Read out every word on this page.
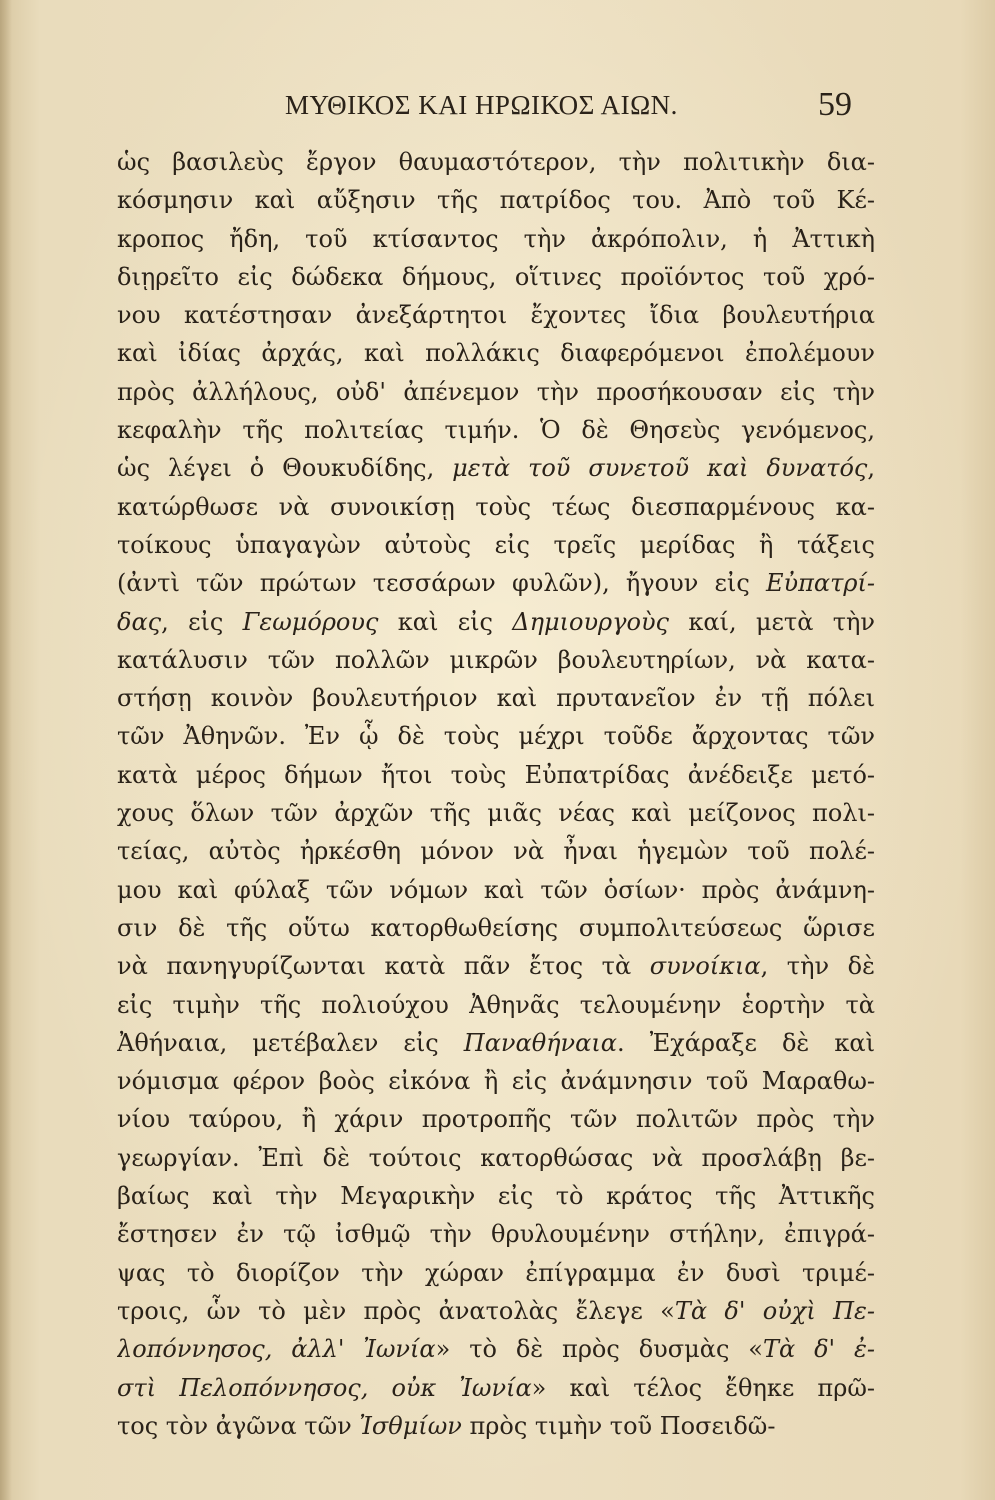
ΜΥΘΙΚΟΣ ΚΑΙ ΗΡΩΙΚΟΣ ΑΙΩΝ.	59
ὡς βασιλεὺς ἔργον θαυμαστότερον, τὴν πολιτικὴν δια-
κόσμησιν καὶ αὔξησιν τῆς πατρίδος του. Ἀπὸ τοῦ Κέ-
κροπος ἤδη, τοῦ κτίσαντος τὴν ἀκρόπολιν, ἡ Ἀττικὴ
διῃρεῖτο εἰς δώδεκα δήμους, οἵτινες προϊόντος τοῦ χρό-
νου κατέστησαν ἀνεξάρτητοι ἔχοντες ἴδια βουλευτήρια
καὶ ἰδίας ἀρχάς, καὶ πολλάκις διαφερόμενοι ἐπολέμουν
πρὸς ἀλλήλους, οὐδ' ἀπένεμον τὴν προσήκουσαν εἰς τὴν
κεφαλὴν τῆς πολιτείας τιμήν. Ὁ δὲ Θησεὺς γενόμενος,
ὡς λέγει ὁ Θουκυδίδης, μετὰ τοῦ συνετοῦ καὶ δυνατός,
κατώρθωσε νὰ συνοικίσῃ τοὺς τέως διεσπαρμένους κα-
τοίκους ὑπαγαγὼν αὐτοὺς εἰς τρεῖς μερίδας ἢ τάξεις
(ἀντὶ τῶν πρώτων τεσσάρων φυλῶν), ἤγουν εἰς Εὐπατρί-
δας, εἰς Γεωμόρους καὶ εἰς Δημιουργοὺς καί, μετὰ τὴν
κατάλυσιν τῶν πολλῶν μικρῶν βουλευτηρίων, νὰ κατα-
στήσῃ κοινὸν βουλευτήριον καὶ πρυτανεῖον ἐν τῇ πόλει
τῶν Ἀθηνῶν. Ἐν ᾧ δὲ τοὺς μέχρι τοῦδε ἄρχοντας τῶν
κατὰ μέρος δήμων ἤτοι τοὺς Εὐπατρίδας ἀνέδειξε μετό-
χους ὅλων τῶν ἀρχῶν τῆς μιᾶς νέας καὶ μείζονος πολι-
τείας, αὐτὸς ἠρκέσθη μόνον νὰ ἦναι ἡγεμὼν τοῦ πολέ-
μου καὶ φύλαξ τῶν νόμων καὶ τῶν ὁσίων· πρὸς ἀνάμνη-
σιν δὲ τῆς οὕτω κατορθωθείσης συμπολιτεύσεως ὥρισε
νὰ πανηγυρίζωνται κατὰ πᾶν ἔτος τὰ συνοίκια, τὴν δὲ
εἰς τιμὴν τῆς πολιούχου Ἀθηνᾶς τελουμένην ἑορτὴν τὰ
Ἀθήναια, μετέβαλεν εἰς Παναθήναια. Ἐχάραξε δὲ καὶ
νόμισμα φέρον βοὸς εἰκόνα ἢ εἰς ἀνάμνησιν τοῦ Μαραθω-
νίου ταύρου, ἢ χάριν προτροπῆς τῶν πολιτῶν πρὸς τὴν
γεωργίαν. Ἐπὶ δὲ τούτοις κατορθώσας νὰ προσλάβῃ βε-
βαίως καὶ τὴν Μεγαρικὴν εἰς τὸ κράτος τῆς Ἀττικῆς
ἔστησεν ἐν τῷ ἰσθμῷ τὴν θρυλουμένην στήλην, ἐπιγρά-
ψας τὸ διορίζον τὴν χώραν ἐπίγραμμα ἐν δυσὶ τριμέ-
τροις, ὧν τὸ μὲν πρὸς ἀνατολὰς ἔλεγε «Τὰ δ' οὐχὶ Πε-
λοπόννησος, ἀλλ' Ἰωνία» τὸ δὲ πρὸς δυσμὰς «Τὰ δ' ἐ-
στὶ Πελοπόννησος, οὐκ Ἰωνία» καὶ τέλος ἔθηκε πρῶ-
τος τὸν ἀγῶνα τῶν Ἰσθμίων πρὸς τιμὴν τοῦ Ποσειδῶ-
